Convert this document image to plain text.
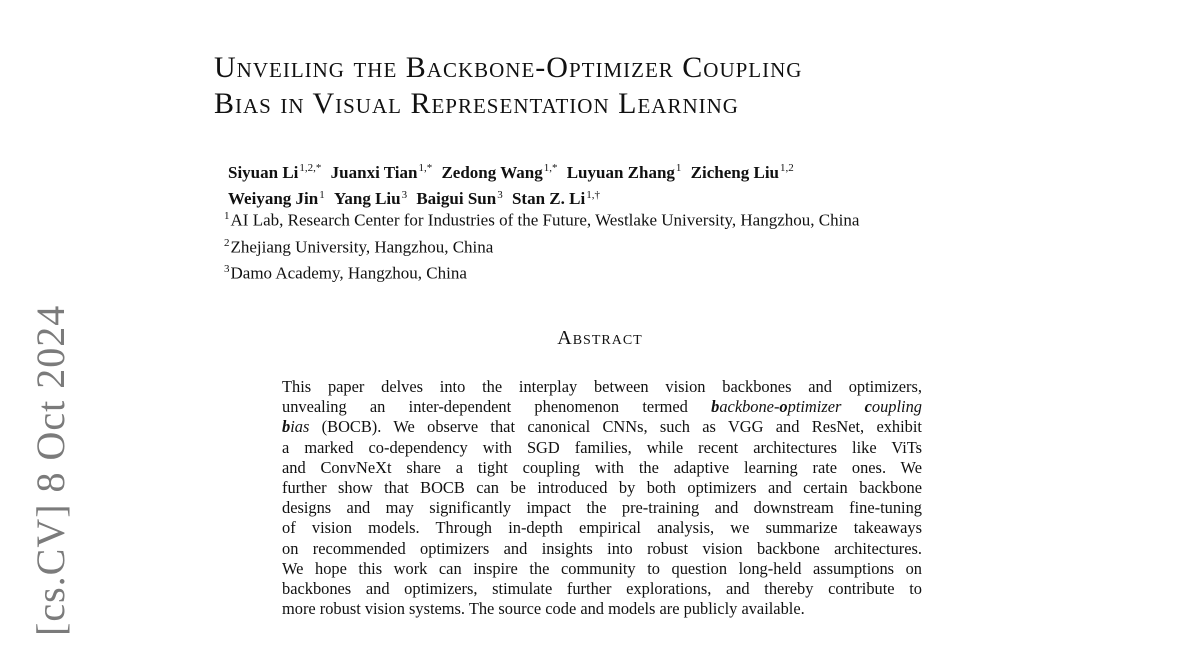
[cs.CV] 8 Oct 2024
Unveiling the Backbone-Optimizer Coupling
Bias in Visual Representation Learning
Siyuan $Li^{1,2,*}$ Juanxi Tian$^{1,*}$ Zedong Wang$^{1,*}$ Luyuan Zhang$^1$ Zicheng Liu$^{1,2}$
Weiyang Jin$^1$ Yang Liu$^3$ Baigui Sun$^3$ Stan Z. $Li^{1,\dagger}$
$^1$AI Lab, Research Center for Industries of the Future, Westlake University, Hangzhou, China
$^2$Zhejiang University, Hangzhou, China
$^3$Damo Academy, Hangzhou, China
Abstract
This paper delves into the interplay between vision backbones and optimizers,
unvealing an inter-dependent phenomenon termed backbone-optimizer coupling
bias (BOCB). We observe that canonical CNNs, such as VGG and ResNet, exhibit
a marked co-dependency with SGD families, while recent architectures like ViTs
and ConvNeXt share a tight coupling with the adaptive learning rate ones. We
further show that BOCB can be introduced by both optimizers and certain backbone
designs and may significantly impact the pre-training and downstream fine-tuning
of vision models. Through in-depth empirical analysis, we summarize takeaways
on recommended optimizers and insights into robust vision backbone architectures.
We hope this work can inspire the community to question long-held assumptions on
backbones and optimizers, stimulate further explorations, and thereby contribute to
more robust vision systems. The source code and models are publicly available.
